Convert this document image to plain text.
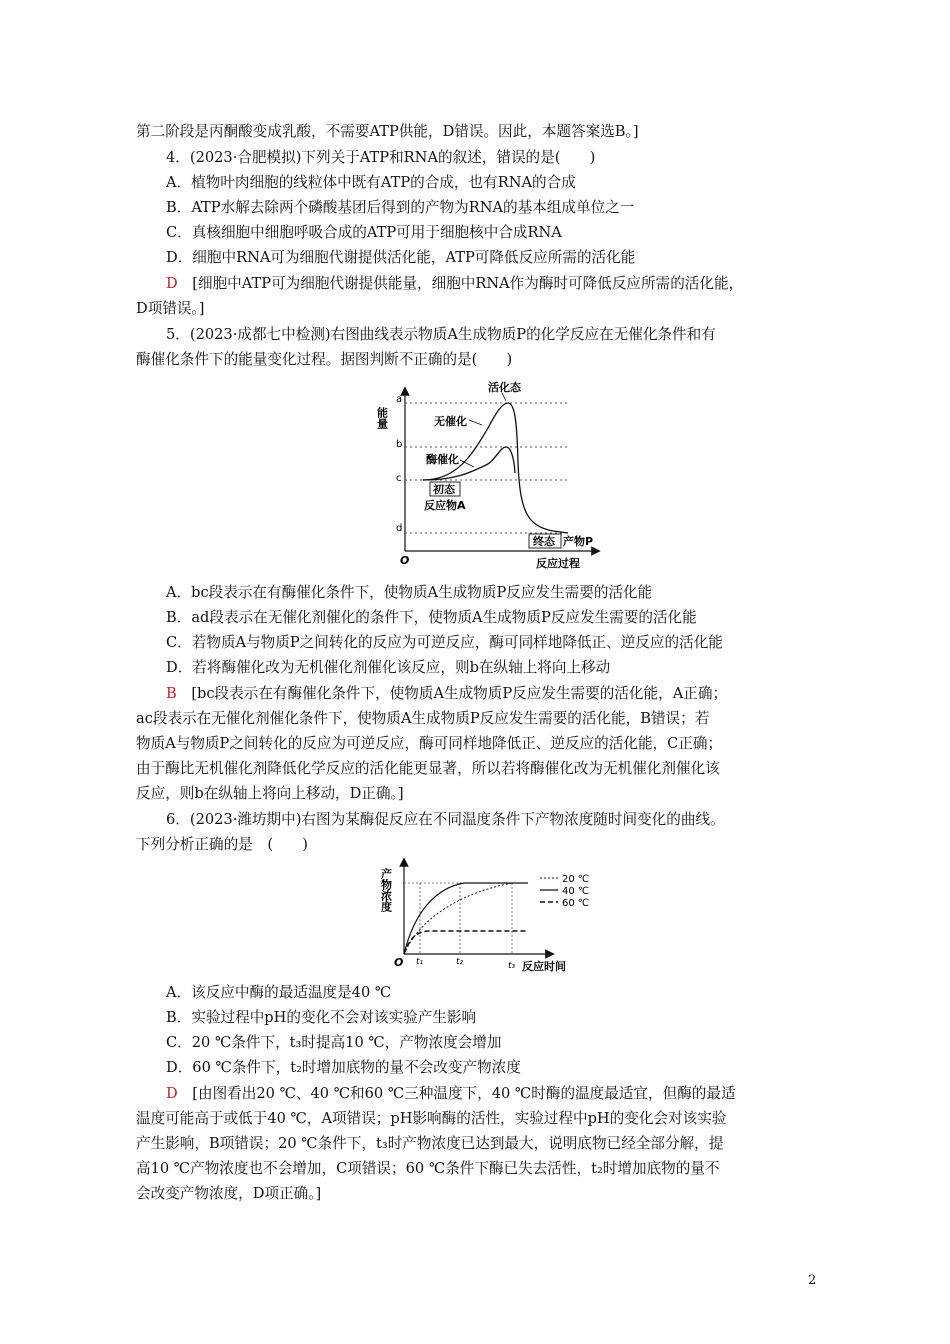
第二阶段是丙酮酸变成乳酸，不需要ATP供能，D错误。因此，本题答案选B。]
4．(2023·合肥模拟)下列关于ATP和RNA的叙述，错误的是(　　)
A．植物叶肉细胞的线粒体中既有ATP的合成，也有RNA的合成
B．ATP水解去除两个磷酸基团后得到的产物为RNA的基本组成单位之一
C．真核细胞中细胞呼吸合成的ATP可用于细胞核中合成RNA
D．细胞中RNA可为细胞代谢提供活化能，ATP可降低反应所需的活化能
D　[细胞中ATP可为细胞代谢提供能量，细胞中RNA作为酶时可降低反应所需的活化能，
D项错误。]
5．(2023·成都七中检测)右图曲线表示物质A生成物质P的化学反应在无催化条件和有
酶催化条件下的能量变化过程。据图判断不正确的是(　　)
能量
a
b
c
d
O	反应过程
活化态
无催化
酶催化
初态
反应物A
终态 产物P
A．bc段表示在有酶催化条件下，使物质A生成物质P反应发生需要的活化能
B．ad段表示在无催化剂催化的条件下，使物质A生成物质P反应发生需要的活化能
C．若物质A与物质P之间转化的反应为可逆反应，酶可同样地降低正、逆反应的活化能
D．若将酶催化改为无机催化剂催化该反应，则b在纵轴上将向上移动
B　[bc段表示在有酶催化条件下，使物质A生成物质P反应发生需要的活化能，A正确；
ac段表示在无催化剂催化条件下，使物质A生成物质P反应发生需要的活化能，B错误；若
物质A与物质P之间转化的反应为可逆反应，酶可同样地降低正、逆反应的活化能，C正确；
由于酶比无机催化剂降低化学反应的活化能更显著，所以若将酶催化改为无机催化剂催化该
反应，则b在纵轴上将向上移动，D正确。]
6．(2023·潍坊期中)右图为某酶促反应在不同温度条件下产物浓度随时间变化的曲线。
下列分析正确的是　(　　)
20 ℃
40 ℃
60 ℃
产物浓度
O t₁	t₂	t₃ 反应时间
A．该反应中酶的最适温度是40 ℃
B．实验过程中pH的变化不会对该实验产生影响
C．20 ℃条件下，t₃时提高10 ℃，产物浓度会增加
D．60 ℃条件下，t₂时增加底物的量不会改变产物浓度
D　[由图看出20 ℃、40 ℃和60 ℃三种温度下，40 ℃时酶的温度最适宜，但酶的最适
温度可能高于或低于40 ℃，A项错误；pH影响酶的活性，实验过程中pH的变化会对该实验
产生影响，B项错误；20 ℃条件下，t₃时产物浓度已达到最大，说明底物已经全部分解，提
高10 ℃产物浓度也不会增加，C项错误；60 ℃条件下酶已失去活性，t₂时增加底物的量不
会改变产物浓度，D项正确。]
2
